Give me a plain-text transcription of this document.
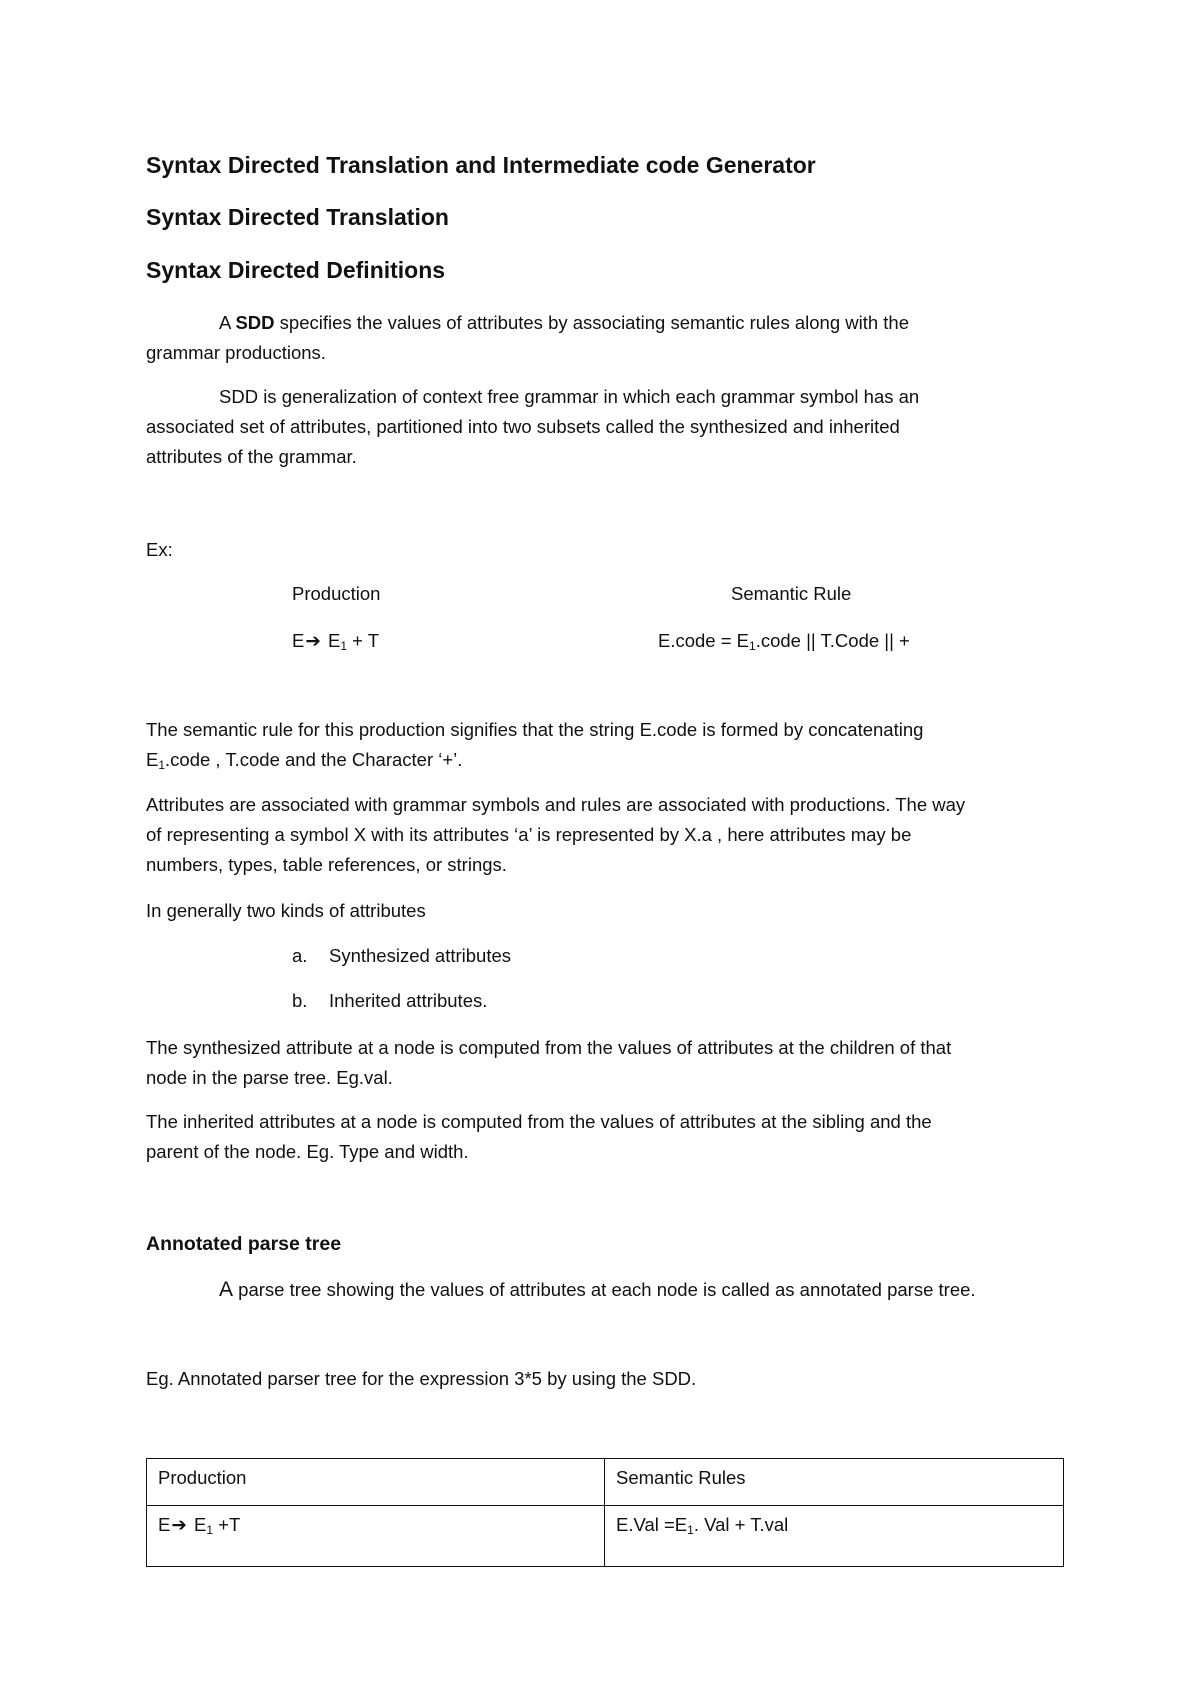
Syntax Directed Translation and Intermediate code Generator
Syntax Directed Translation
Syntax Directed Definitions
A SDD specifies the values of attributes by associating semantic rules along with the
grammar productions.
SDD is generalization of context free grammar in which each grammar symbol has an
associated set of attributes, partitioned into two subsets called the synthesized and inherited
attributes of the grammar.
Ex:
Production	Semantic Rule
E➔ $E_1 + T$	E.code = $E_1.code$ || T.Code || +
The semantic rule for this production signifies that the string E.code is formed by concatenating
$E_1.code$ , T.code and the Character ‘+’.
Attributes are associated with grammar symbols and rules are associated with productions. The way
of representing a symbol X with its attributes ‘a’ is represented by X.a , here attributes may be
numbers, types, table references, or strings.
In generally two kinds of attributes
a. Synthesized attributes
b. Inherited attributes.
The synthesized attribute at a node is computed from the values of attributes at the children of that
node in the parse tree. Eg.val.
The inherited attributes at a node is computed from the values of attributes at the sibling and the
parent of the node. Eg. Type and width.
Annotated parse tree
A parse tree showing the values of attributes at each node is called as annotated parse tree.
Eg. Annotated parser tree for the expression 3*5 by using the SDD.
Production	Semantic Rules

E➔ $E_1 +T$	$E.Val =E_1$. Val + T.val
